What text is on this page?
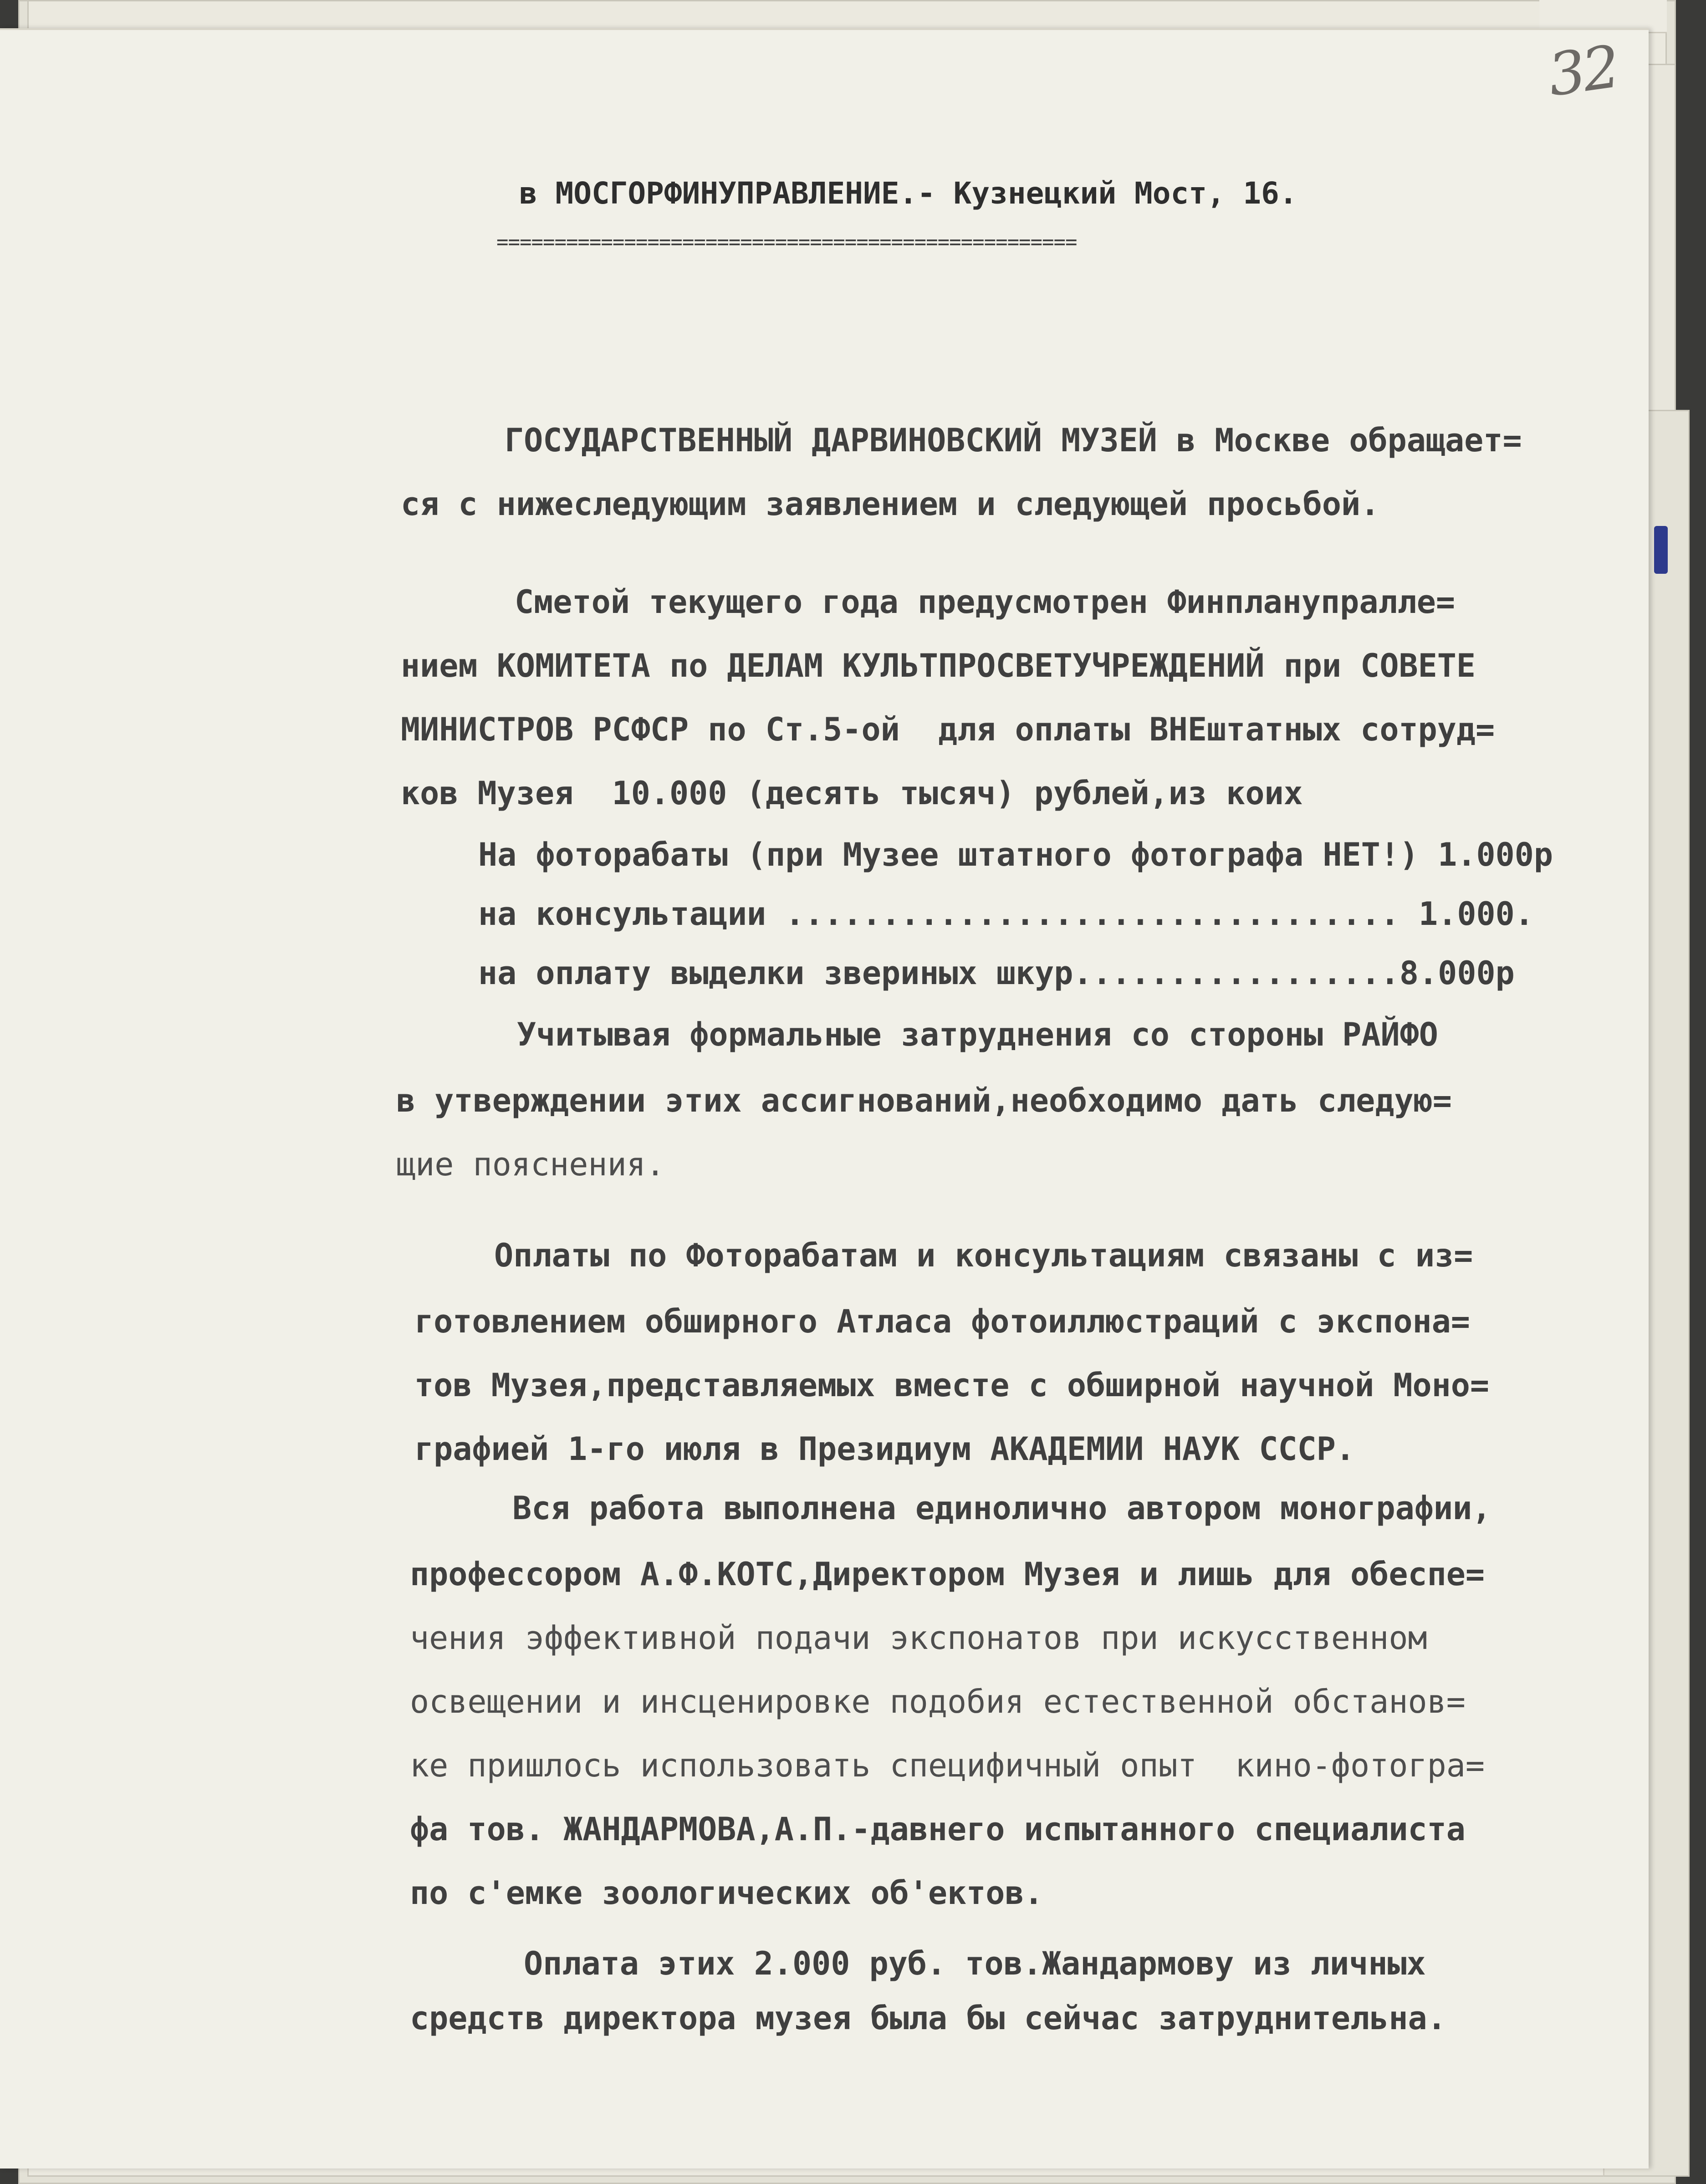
32
в МОСГОРФИНУПРАВЛЕНИЕ.- Кузнецкий Мост, 16.
==================================================
ГОСУДАРСТВЕННЫЙ ДАРВИНОВСКИЙ МУЗЕЙ в Москве обращает=
ся с нижеследующим заявлением и следующей просьбой.
Сметой текущего года предусмотрен Финпланупралле=
нием КОМИТЕТА по ДЕЛАМ КУЛЬТПРОСВЕТУЧРЕЖДЕНИЙ при СОВЕТЕ
МИНИСТРОВ РСФСР по Ст.5-ой  для оплаты ВНЕштатных сотруд=
ков Музея  10.000 (десять тысяч) рублей,из коих
На фоторабаты (при Музее штатного фотографа НЕТ!) 1.000р
на консультации ................................ 1.000.
на оплату выделки звериных шкур.................8.000р
Учитывая формальные затруднения со стороны РАЙФО
в утверждении этих ассигнований,необходимо дать следую=
щие пояснения.
Оплаты по Фоторабатам и консультациям связаны с из=
готовлением обширного Атласа фотоиллюстраций с экспона=
тов Музея,представляемых вместе с обширной научной Моно=
графией 1-го июля в Президиум АКАДЕМИИ НАУК СССР.
Вся работа выполнена единолично автором монографии,
профессором А.Ф.КОТС,Директором Музея и лишь для обеспе=
чения эффективной подачи экспонатов при искусственном
освещении и инсценировке подобия естественной обстанов=
ке пришлось использовать специфичный опыт  кино-фотогра=
фа тов. ЖАНДАРМОВА,А.П.-давнего испытанного специалиста
по с'емке зоологических об'ектов.
Оплата этих 2.000 руб. тов.Жандармову из личных
средств директора музея была бы сейчас затруднительна.
